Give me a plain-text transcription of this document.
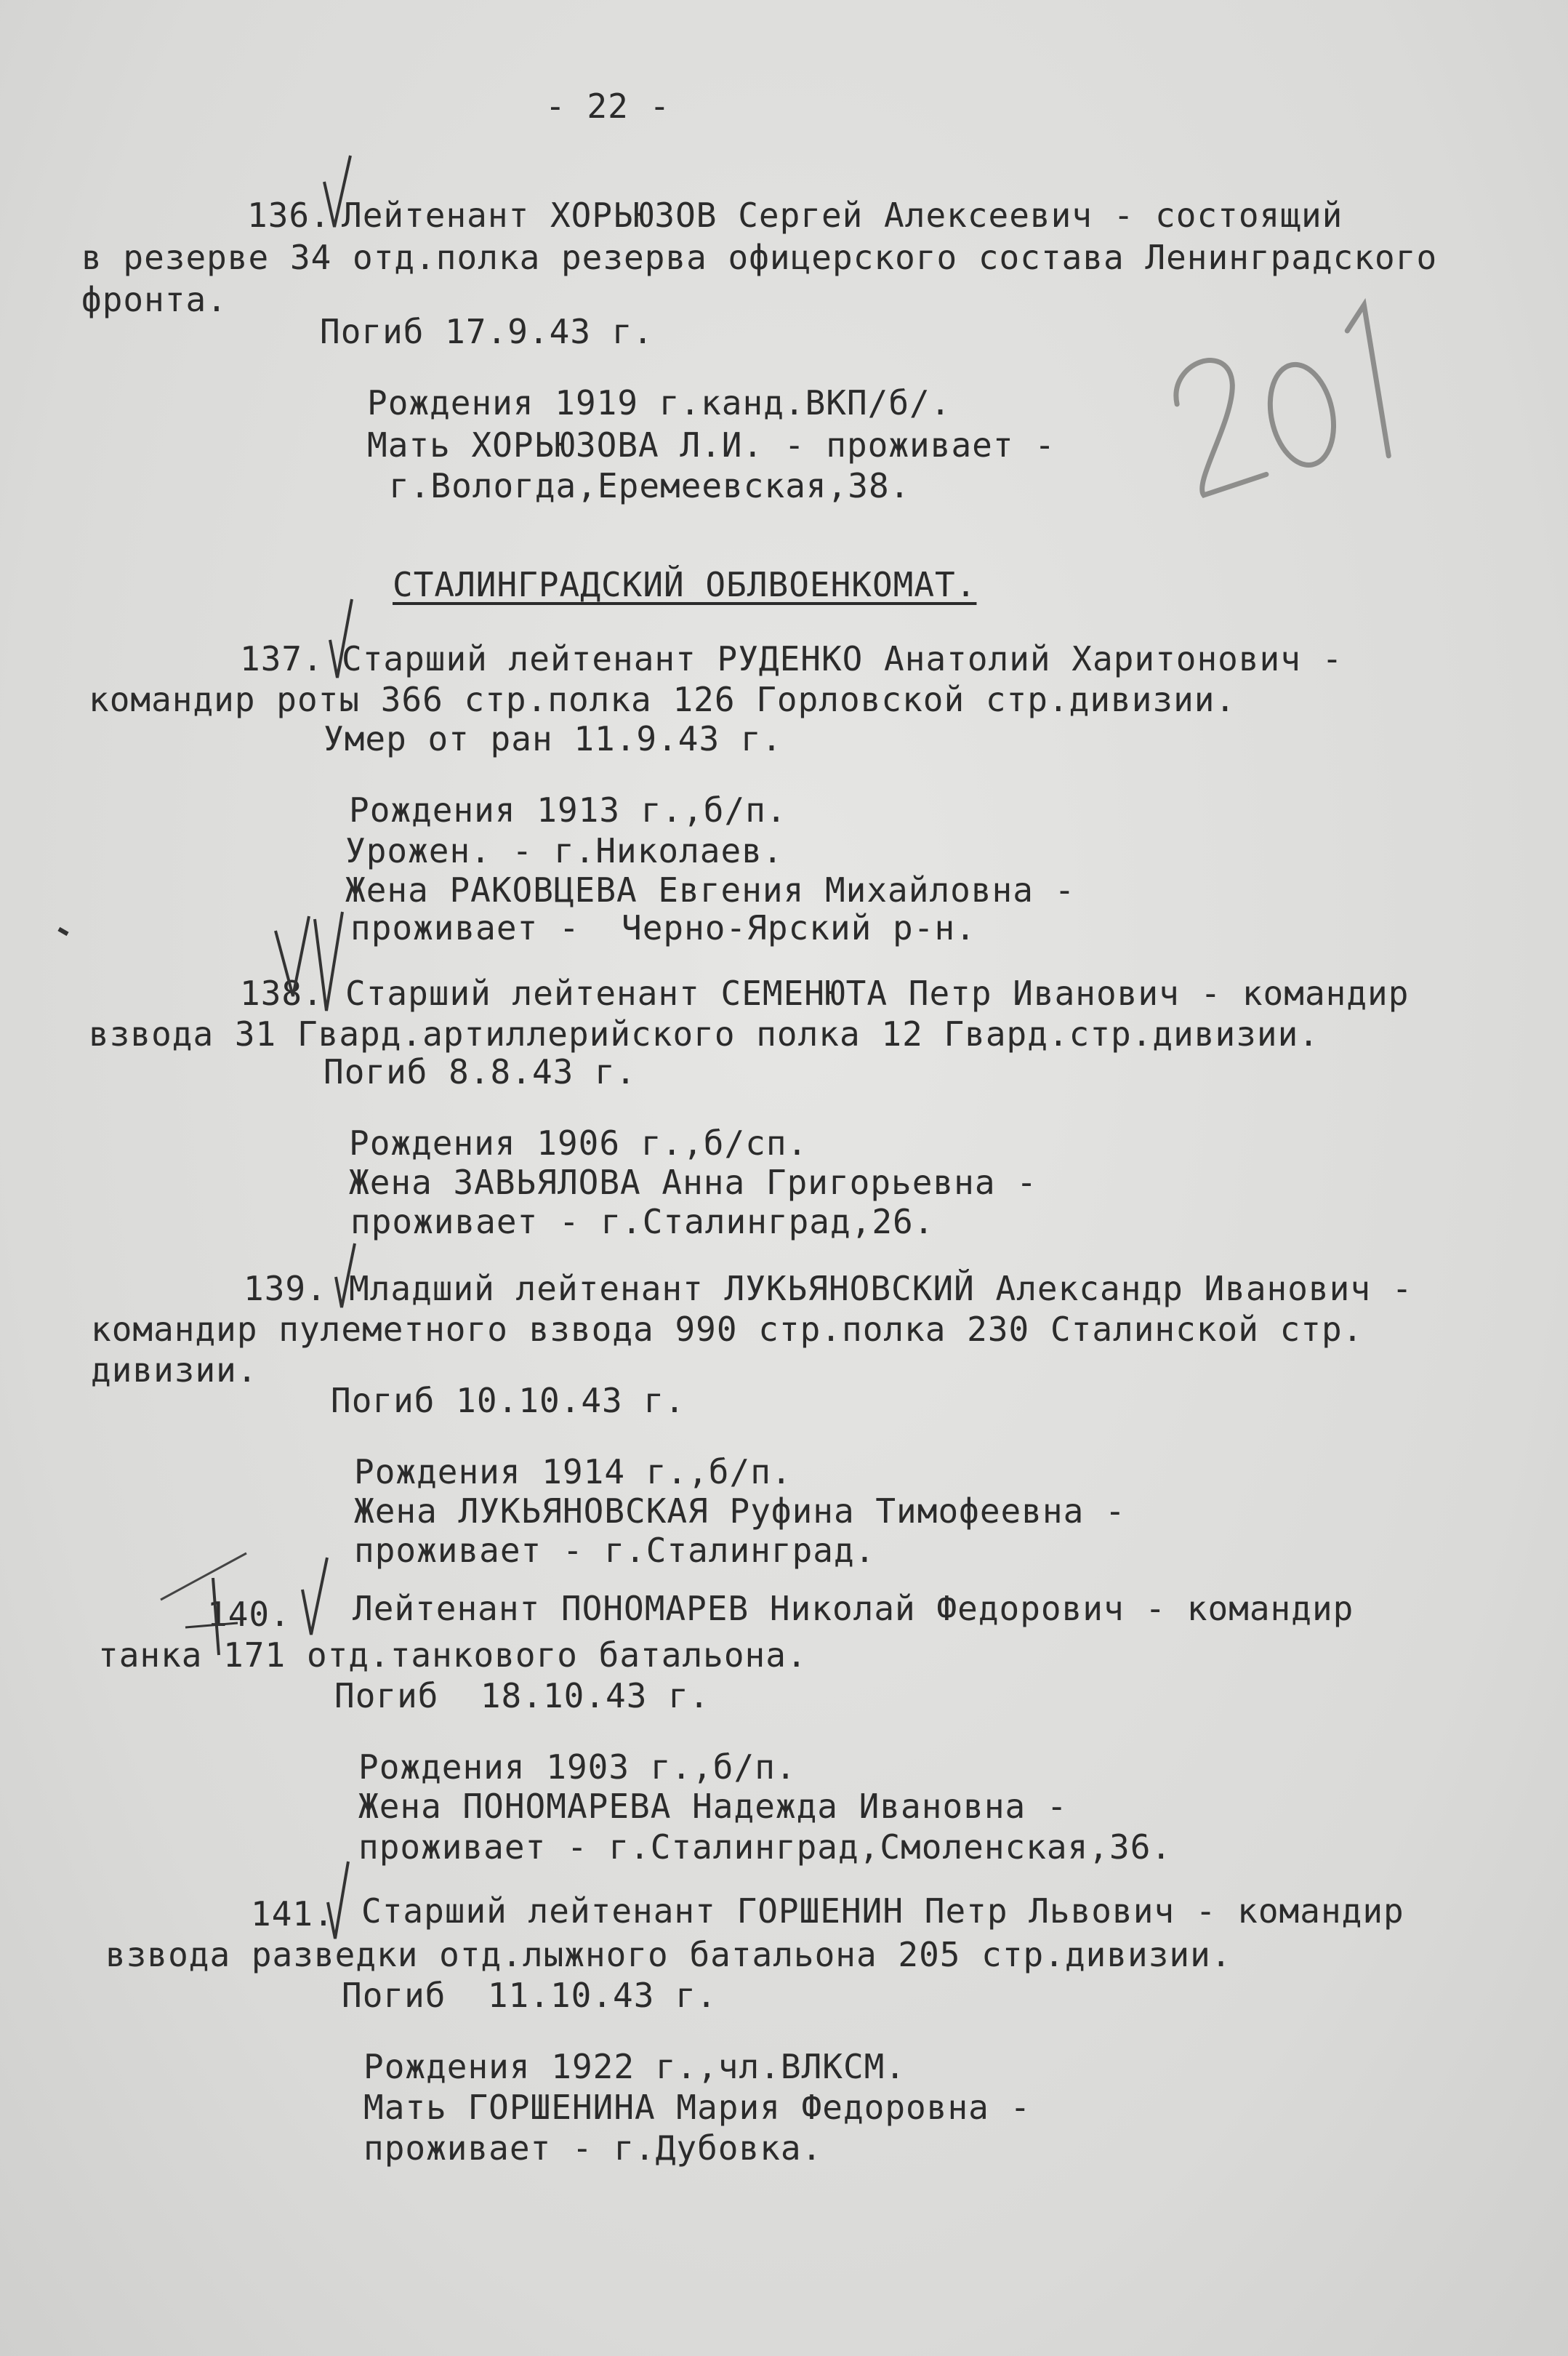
- 22 -
136. Лейтенант ХОРЬЮЗОВ Сергей Алексеевич - состоящий
в резерве 34 отд.полка резерва офицерского состава Ленинградского
фронта.
Погиб 17.9.43 г.
Рождения 1919 г.канд.ВКП/б/.
Мать ХОРЬЮЗОВА Л.И. - проживает -
г.Вологда,Еремеевская,38.
СТАЛИНГРАДСКИЙ ОБЛВОЕНКОМАТ.
137. Старший лейтенант РУДЕНКО Анатолий Харитонович -
командир роты 366 стр.полка 126 Горловской стр.дивизии.
Умер от ран 11.9.43 г.
Рождения 1913 г.,б/п.
Урожен. - г.Николаев.
Жена РАКОВЦЕВА Евгения Михайловна -
проживает -  Черно-Ярский р-н.
138. Старший лейтенант СЕМЕНЮТА Петр Иванович - командир
взвода 31 Гвард.артиллерийского полка 12 Гвард.стр.дивизии.
Погиб 8.8.43 г.
Рождения 1906 г.,б/сп.
Жена ЗАВЬЯЛОВА Анна Григорьевна -
проживает - г.Сталинград,26.
139. Младший лейтенант ЛУКЬЯНОВСКИЙ Александр Иванович -
командир пулеметного взвода 990 стр.полка 230 Сталинской стр.
дивизии.
Погиб 10.10.43 г.
Рождения 1914 г.,б/п.
Жена ЛУКЬЯНОВСКАЯ Руфина Тимофеевна -
проживает - г.Сталинград.
140. Лейтенант ПОНОМАРЕВ Николай Федорович - командир
танка 171 отд.танкового батальона.
Погиб  18.10.43 г.
Рождения 1903 г.,б/п.
Жена ПОНОМАРЕВА Надежда Ивановна -
проживает - г.Сталинград,Смоленская,36.
141. Старший лейтенант ГОРШЕНИН Петр Львович - командир
взвода разведки отд.лыжного батальона 205 стр.дивизии.
Погиб  11.10.43 г.
Рождения 1922 г.,чл.ВЛКСМ.
Мать ГОРШЕНИНА Мария Федоровна -
проживает - г.Дубовка.
